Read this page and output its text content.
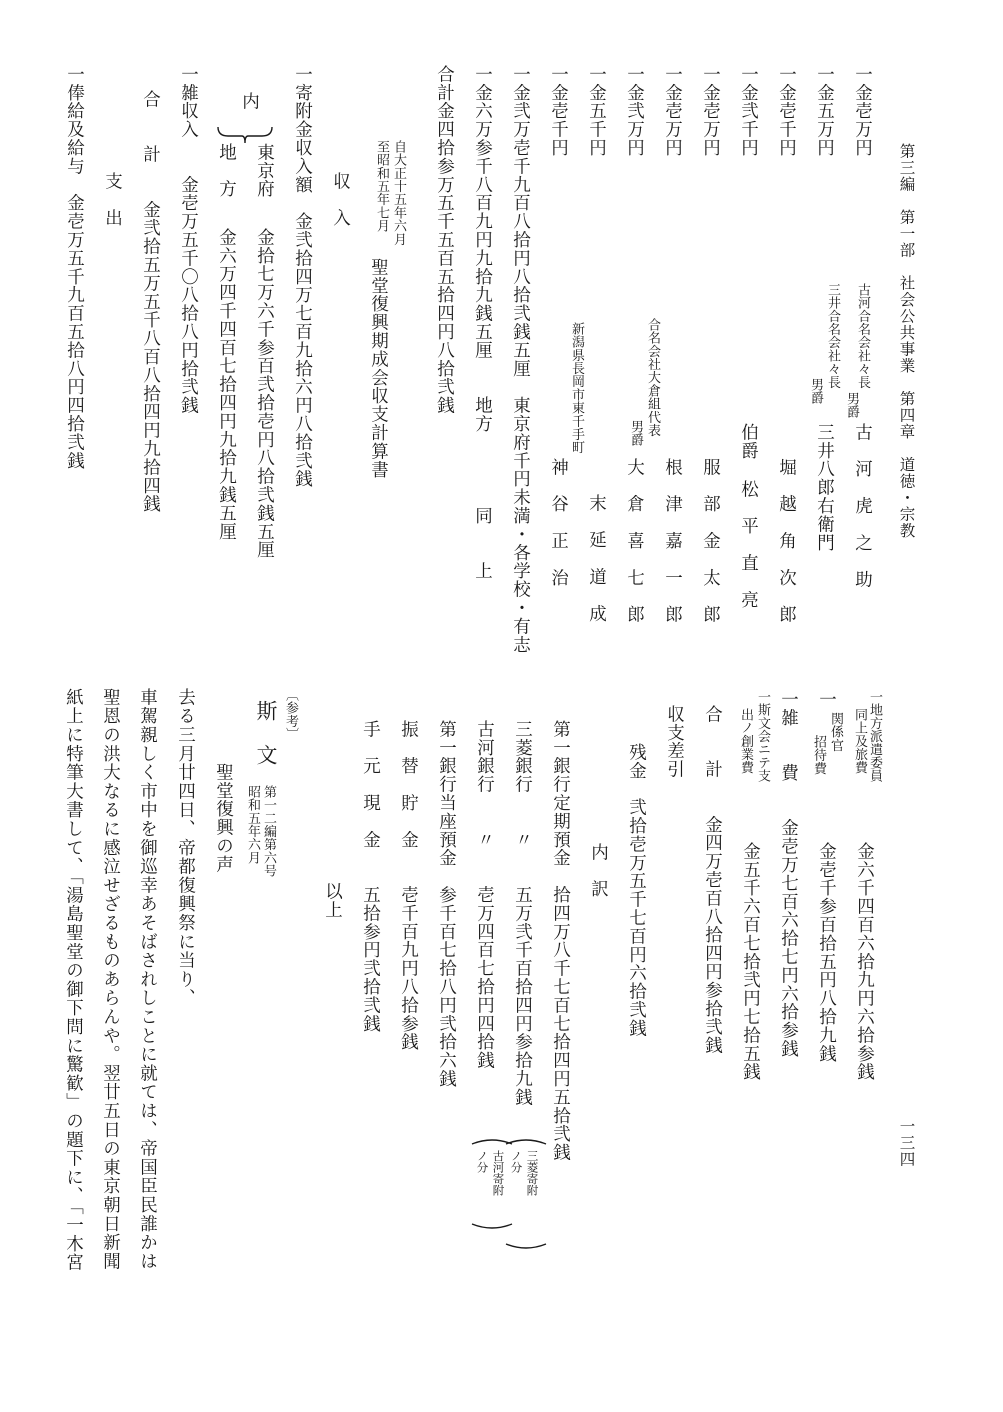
第三編　第一部　社会公共事業　第四章　道徳・宗教
一三四
一金壱万円
古河合名会社々長
男爵
古　河　虎　之　助
一金五万円
三井合名会社々長
男爵
三井八郎右衛門
一金壱千円
堀　越　角　次　郎
一金弐千円
伯爵
松　平　直　亮
一金壱万円
服　部　金　太　郎
一金壱万円
根　津　嘉　一　郎
一金弐万円
合名会社大倉組代表
男爵
大　倉　喜　七　郎
一金五千円
末　延　道　成
一金壱千円
新潟県長岡市東千手町
神　谷　正　治
一金弐万壱千九百八拾円八拾弐銭五厘　東京府千円未満・各学校・有志
一金六万参千八百九円九拾九銭五厘　　地方　　　　同　　上
合計金四拾参万五千五百五拾四円八拾弐銭
自大正十五年六月
至昭和五年七月
聖堂復興期成会収支計算書
収　入
一寄附金収入額　金弐拾四万七百九拾六円八拾弐銭
内
東京府
金拾七万六千参百弐拾壱円八拾弐銭五厘
地　方
金六万四千四百七拾四円九拾九銭五厘
一雑収入　　金壱万五千〇八拾八円拾弐銭
合　　計　　金弐拾五万五千八百八拾四円九拾四銭
支　出
一俸給及給与　金壱万五千九百五拾八円四拾弐銭
一地方派遣委員
同上及旅費
金六千四百六拾九円六拾参銭
一
関係官
招待費
金壱千参百拾五円八拾九銭
一雑　　費　　金壱万七百六拾七円六拾参銭
一斯文会ニテ支
出ノ創業費
金五千六百七拾弐円七拾五銭
合　　計　　金四万壱百八拾四円参拾弐銭
収支差引
残金　弐拾壱万五千七百円六拾弐銭
内　訳
第一銀行定期預金　拾四万八千七百七拾四円五拾弐銭
三菱銀行　　〃　　五万弐千百拾四円参拾九銭
三菱寄附
ノ分
古河銀行　　〃　　壱万四百七拾円四拾銭
古河寄附
ノ分
第一銀行当座預金　参千百七拾八円弐拾六銭
振　替　貯　金　　壱千百九円八拾参銭
手　元　現　金　　五拾参円弐拾弐銭
以上
〔参考〕
斯　文
第一二編第六号
昭和五年六月
聖堂復興の声
去る三月廿四日、帝都復興祭に当り、
車駕親しく市中を御巡幸あそばされしことに就ては、帝国臣民誰かは
聖恩の洪大なるに感泣せざるものあらんや。翌廿五日の東京朝日新聞
紙上に特筆大書して、「湯島聖堂の御下問に驚歓」の題下に、「一木宮
